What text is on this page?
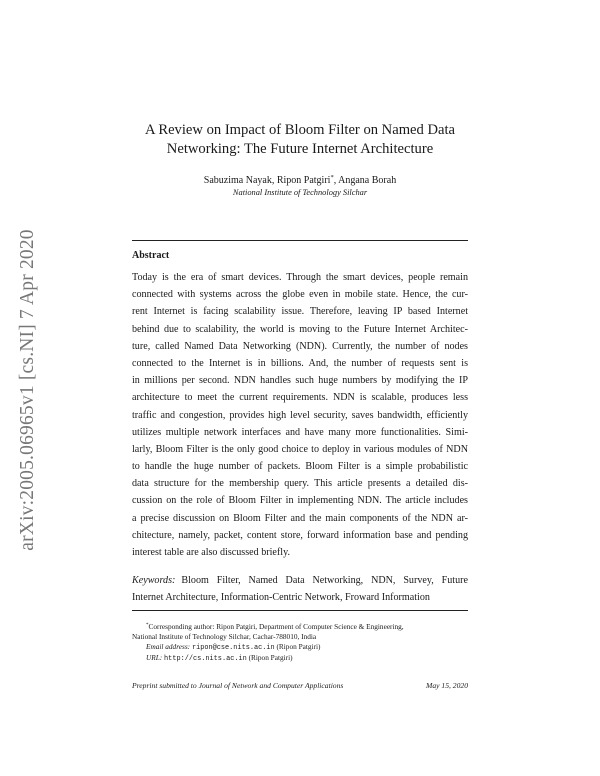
arXiv:2005.06965v1 [cs.NI] 7 Apr 2020
A Review on Impact of Bloom Filter on Named Data
Networking: The Future Internet Architecture
Sabuzima Nayak, Ripon Patgiri*, Angana Borah
National Institute of Technology Silchar
Abstract
Today is the era of smart devices. Through the smart devices, people remain
connected with systems across the globe even in mobile state. Hence, the cur-
rent Internet is facing scalability issue. Therefore, leaving IP based Internet
behind due to scalability, the world is moving to the Future Internet Architec-
ture, called Named Data Networking (NDN). Currently, the number of nodes
connected to the Internet is in billions. And, the number of requests sent is
in millions per second. NDN handles such huge numbers by modifying the IP
architecture to meet the current requirements. NDN is scalable, produces less
traffic and congestion, provides high level security, saves bandwidth, efficiently
utilizes multiple network interfaces and have many more functionalities. Simi-
larly, Bloom Filter is the only good choice to deploy in various modules of NDN
to handle the huge number of packets. Bloom Filter is a simple probabilistic
data structure for the membership query. This article presents a detailed dis-
cussion on the role of Bloom Filter in implementing NDN. The article includes
a precise discussion on Bloom Filter and the main components of the NDN ar-
chitecture, namely, packet, content store, forward information base and pending
interest table are also discussed briefly.
Keywords: Bloom Filter, Named Data Networking, NDN, Survey, Future
Internet Architecture, Information-Centric Network, Froward Information
*Corresponding author: Ripon Patgiri, Department of Computer Science & Engineering,
National Institute of Technology Silchar, Cachar-788010, India
Email address: ripon@cse.nits.ac.in (Ripon Patgiri)
URL: http://cs.nits.ac.in (Ripon Patgiri)
Preprint submitted to Journal of Network and Computer Applications	May 15, 2020
